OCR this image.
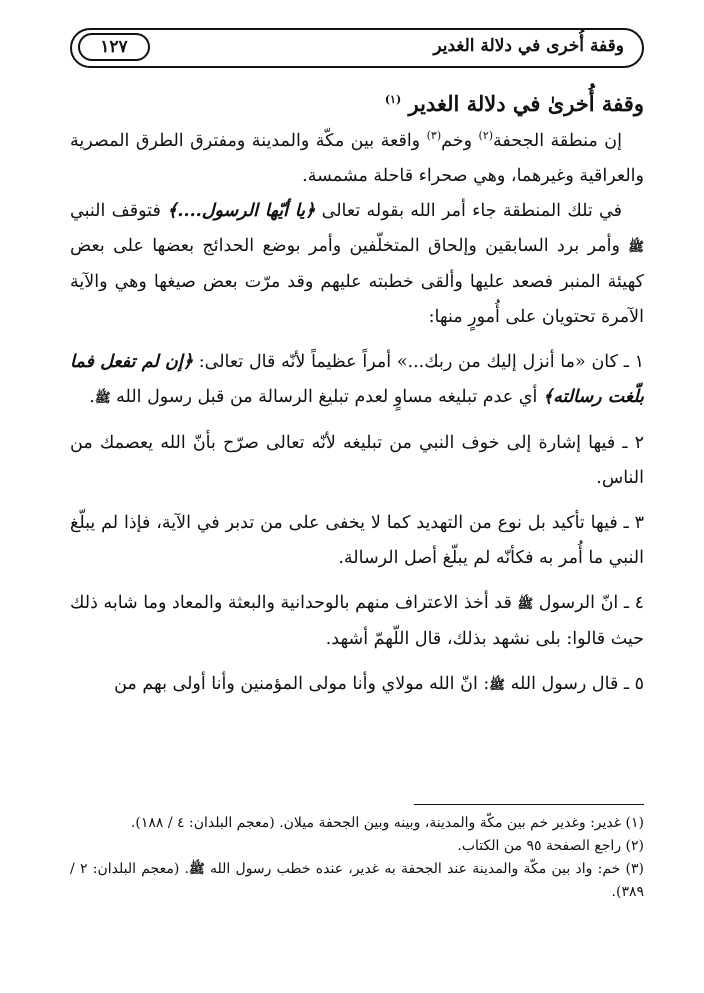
وقفة أُخرى في دلالة الغدير
١٢٧

وقفة أُخرىٰ في دلالة الغدير $^{(١)}$

إن منطقة الجحفة$^{(٢)}$ وخم$^{(٣)}$ واقعة بين مكّة والمدينة ومفترق الطرق المصرية والعراقية وغيرهما، وهي صحراء قاحلة مشمسة.

في تلك المنطقة جاء أمر الله بقوله تعالى ﴿يا أيّها الرسول....﴾ فتوقف النبي ﷺ وأمر برد السابقين وإلحاق المتخلّفين وأمر بوضع الحدائج بعضها على بعض كهيئة المنبر فصعد عليها وألقى خطبته عليهم وقد مرّت بعض صيغها وهي والآية الآمرة تحتويان على أُمورٍ منها:

١ ـ كان «ما أنزل إليك من ربك...» أمراً عظيماً لأنّه قال تعالى: ﴿إن لم تفعل فما بلّغت رسالته﴾ أي عدم تبليغه مساوٍ لعدم تبليغ الرسالة من قبل رسول الله ﷺ.

٢ ـ فيها إشارة إلى خوف النبي من تبليغه لأنّه تعالى صرّح بأنّ الله يعصمك من الناس.

٣ ـ فيها تأكيد بل نوع من التهديد كما لا يخفى على من تدبر في الآية، فإذا لم يبلّغ النبي ما أُمر به فكأنّه لم يبلّغ أصل الرسالة.

٤ ـ انّ الرسول ﷺ قد أخذ الاعتراف منهم بالوحدانية والبعثة والمعاد وما شابه ذلك حيث قالوا: بلى نشهد بذلك، قال اللّهمّ أشهد.

٥ ـ قال رسول الله ﷺ: انّ الله مولاي وأنا مولى المؤمنين وأنا أولى بهم من

(١) غدير: وغدير خم بين مكّة والمدينة، وبينه وبين الجحفة ميلان. (معجم البلدان: ٤ / ١٨٨).

(٢) راجع الصفحة ٩٥ من الكتاب.

(٣) خم: واد بين مكّة والمدينة عند الجحفة به غدير، عنده خطب رسول الله ﷺ. (معجم البلدان: ٢ / ٣٨٩).
